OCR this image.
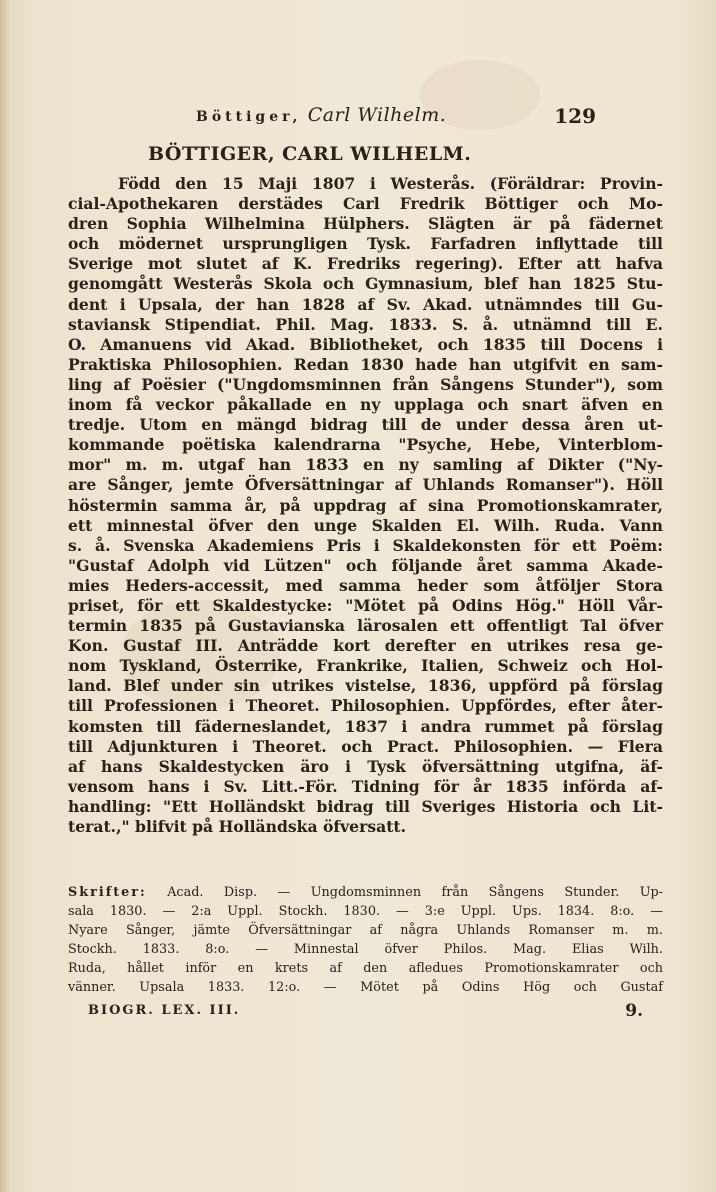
Böttiger, Carl Wilhelm.	129
BÖTTIGER, CARL WILHELM.
Född den 15 Maji 1807 i Westerås. (Föräldrar: Provin-
cial-Apothekaren derstädes Carl Fredrik Böttiger och Mo-
dren Sophia Wilhelmina Hülphers. Slägten är på fädernet
och mödernet ursprungligen Tysk. Farfadren inflyttade till
Sverige mot slutet af K. Fredriks regering). Efter att hafva
genomgått Westerås Skola och Gymnasium, blef han 1825 Stu-
dent i Upsala, der han 1828 af Sv. Akad. utnämndes till Gu-
staviansk Stipendiat. Phil. Mag. 1833. S. å. utnämnd till E.
O. Amanuens vid Akad. Bibliotheket, och 1835 till Docens i
Praktiska Philosophien. Redan 1830 hade han utgifvit en sam-
ling af Poësier ("Ungdomsminnen från Sångens Stunder"), som
inom få veckor påkallade en ny upplaga och snart äfven en
tredje. Utom en mängd bidrag till de under dessa åren ut-
kommande poëtiska kalendrarna "Psyche, Hebe, Vinterblom-
mor" m. m. utgaf han 1833 en ny samling af Dikter ("Ny-
are Sånger, jemte Öfversättningar af Uhlands Romanser"). Höll
höstermin samma år, på uppdrag af sina Promotionskamrater,
ett minnestal öfver den unge Skalden El. Wilh. Ruda. Vann
s. å. Svenska Akademiens Pris i Skaldekonsten för ett Poëm:
"Gustaf Adolph vid Lützen" och följande året samma Akade-
mies Heders-accessit, med samma heder som åtföljer Stora
priset, för ett Skaldestycke: "Mötet på Odins Hög." Höll Vår-
termin 1835 på Gustavianska lärosalen ett offentligt Tal öfver
Kon. Gustaf III. Anträdde kort derefter en utrikes resa ge-
nom Tyskland, Österrike, Frankrike, Italien, Schweiz och Hol-
land. Blef under sin utrikes vistelse, 1836, uppförd på förslag
till Professionen i Theoret. Philosophien. Uppfördes, efter åter-
komsten till fäderneslandet, 1837 i andra rummet på förslag
till Adjunkturen i Theoret. och Pract. Philosophien. — Flera
af hans Skaldestycken äro i Tysk öfversättning utgifna, äf-
vensom hans i Sv. Litt.-För. Tidning för år 1835 införda af-
handling: "Ett Holländskt bidrag till Sveriges Historia och Lit-
terat.," blifvit på Holländska öfversatt.
Skrifter: Acad. Disp. — Ungdomsminnen från Sångens Stunder. Up-
sala 1830. — 2:a Uppl. Stockh. 1830. — 3:e Uppl. Ups. 1834. 8:o. —
Nyare Sånger, jämte Öfversättningar af några Uhlands Romanser m. m.
Stockh. 1833. 8:o. — Minnestal öfver Philos. Mag. Elias Wilh.
Ruda, hållet inför en krets af den afledues Promotionskamrater och
vänner. Upsala 1833. 12:o. — Mötet på Odins Hög och Gustaf
BIOGR. LEX. III.	9.
